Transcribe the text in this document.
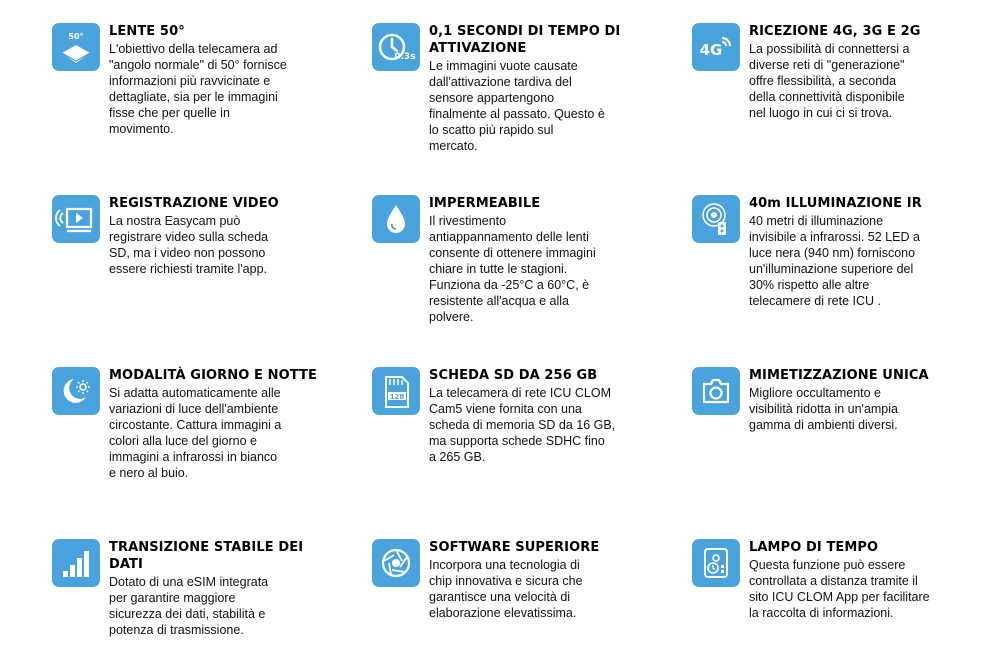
50° LENTE 50°

L'obiettivo della telecamera ad
"angolo normale" di 50° fornisce
informazioni più ravvicinate e
dettagliate, sia per le immagini
fisse che per quelle in
movimento.

0.3s
0,1 SECONDI DI TEMPO DI
ATTIVAZIONE

Le immagini vuote causate
dall'attivazione tardiva del
sensore appartengono
finalmente al passato. Questo è
lo scatto più rapido sul
mercato.

4G
RICEZIONE 4G, 3G E 2G

La possibilità di connettersi a
diverse reti di "generazione"
offre flessibilità, a seconda
della connettività disponibile
nel luogo in cui ci si trova.

REGISTRAZIONE VIDEO

La nostra Easycam può
registrare video sulla scheda
SD, ma i video non possono
essere richiesti tramite l'app.

IMPERMEABILE

Il rivestimento
antiappannamento delle lenti
consente di ottenere immagini
chiare in tutte le stagioni.
Funziona da -25°C a 60°C, è
resistente all'acqua e alla
polvere.

40m ILLUMINAZIONE IR

40 metri di illuminazione
invisibile a infrarossi. 52 LED a
luce nera (940 nm) forniscono
un'illuminazione superiore del
30% rispetto alle altre
telecamere di rete ICU .

MODALITÀ GIORNO E NOTTE

Si adatta automaticamente alle
variazioni di luce dell'ambiente
circostante. Cattura immagini a
colori alla luce del giorno e
immagini a infrarossi in bianco
e nero al buio.

128
SCHEDA SD DA 256 GB

La telecamera di rete ICU CLOM
Cam5 viene fornita con una
scheda di memoria SD da 16 GB,
ma supporta schede SDHC fino
a 265 GB.

MIMETIZZAZIONE UNICA

Migliore occultamento e
visibilità ridotta in un'ampia
gamma di ambienti diversi.

TRANSIZIONE STABILE DEI
DATI

Dotato di una eSIM integrata
per garantire maggiore
sicurezza dei dati, stabilità e
potenza di trasmissione.

SOFTWARE SUPERIORE

Incorpora una tecnologia di
chip innovativa e sicura che
garantisce una velocità di
elaborazione elevatissima.

LAMPO DI TEMPO

Questa funzione può essere
controllata a distanza tramite il
sito ICU CLOM App per facilitare
la raccolta di informazioni.
